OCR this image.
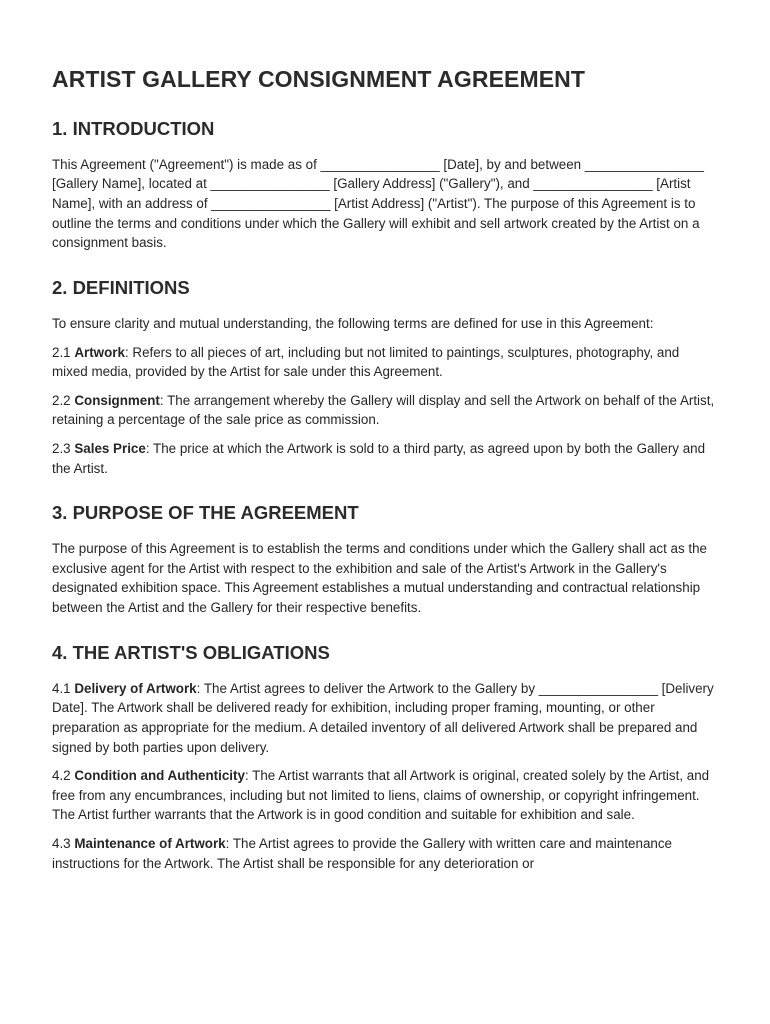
ARTIST GALLERY CONSIGNMENT AGREEMENT
1. INTRODUCTION

This Agreement ("Agreement") is made as of ________________ [Date], by and between ________________ [Gallery Name], located at ________________ [Gallery Address] ("Gallery"), and ________________ [Artist Name], with an address of ________________ [Artist Address] ("Artist"). The purpose of this Agreement is to outline the terms and conditions under which the Gallery will exhibit and sell artwork created by the Artist on a consignment basis.

2. DEFINITIONS

To ensure clarity and mutual understanding, the following terms are defined for use in this Agreement:

2.1 Artwork: Refers to all pieces of art, including but not limited to paintings, sculptures, photography, and mixed media, provided by the Artist for sale under this Agreement.

2.2 Consignment: The arrangement whereby the Gallery will display and sell the Artwork on behalf of the Artist, retaining a percentage of the sale price as commission.

2.3 Sales Price: The price at which the Artwork is sold to a third party, as agreed upon by both the Gallery and the Artist.

3. PURPOSE OF THE AGREEMENT

The purpose of this Agreement is to establish the terms and conditions under which the Gallery shall act as the exclusive agent for the Artist with respect to the exhibition and sale of the Artist's Artwork in the Gallery's designated exhibition space. This Agreement establishes a mutual understanding and contractual relationship between the Artist and the Gallery for their respective benefits.

4. THE ARTIST'S OBLIGATIONS

4.1 Delivery of Artwork: The Artist agrees to deliver the Artwork to the Gallery by ________________ [Delivery Date]. The Artwork shall be delivered ready for exhibition, including proper framing, mounting, or other preparation as appropriate for the medium. A detailed inventory of all delivered Artwork shall be prepared and signed by both parties upon delivery.

4.2 Condition and Authenticity: The Artist warrants that all Artwork is original, created solely by the Artist, and free from any encumbrances, including but not limited to liens, claims of ownership, or copyright infringement. The Artist further warrants that the Artwork is in good condition and suitable for exhibition and sale.

4.3 Maintenance of Artwork: The Artist agrees to provide the Gallery with written care and maintenance instructions for the Artwork. The Artist shall be responsible for any deterioration or
